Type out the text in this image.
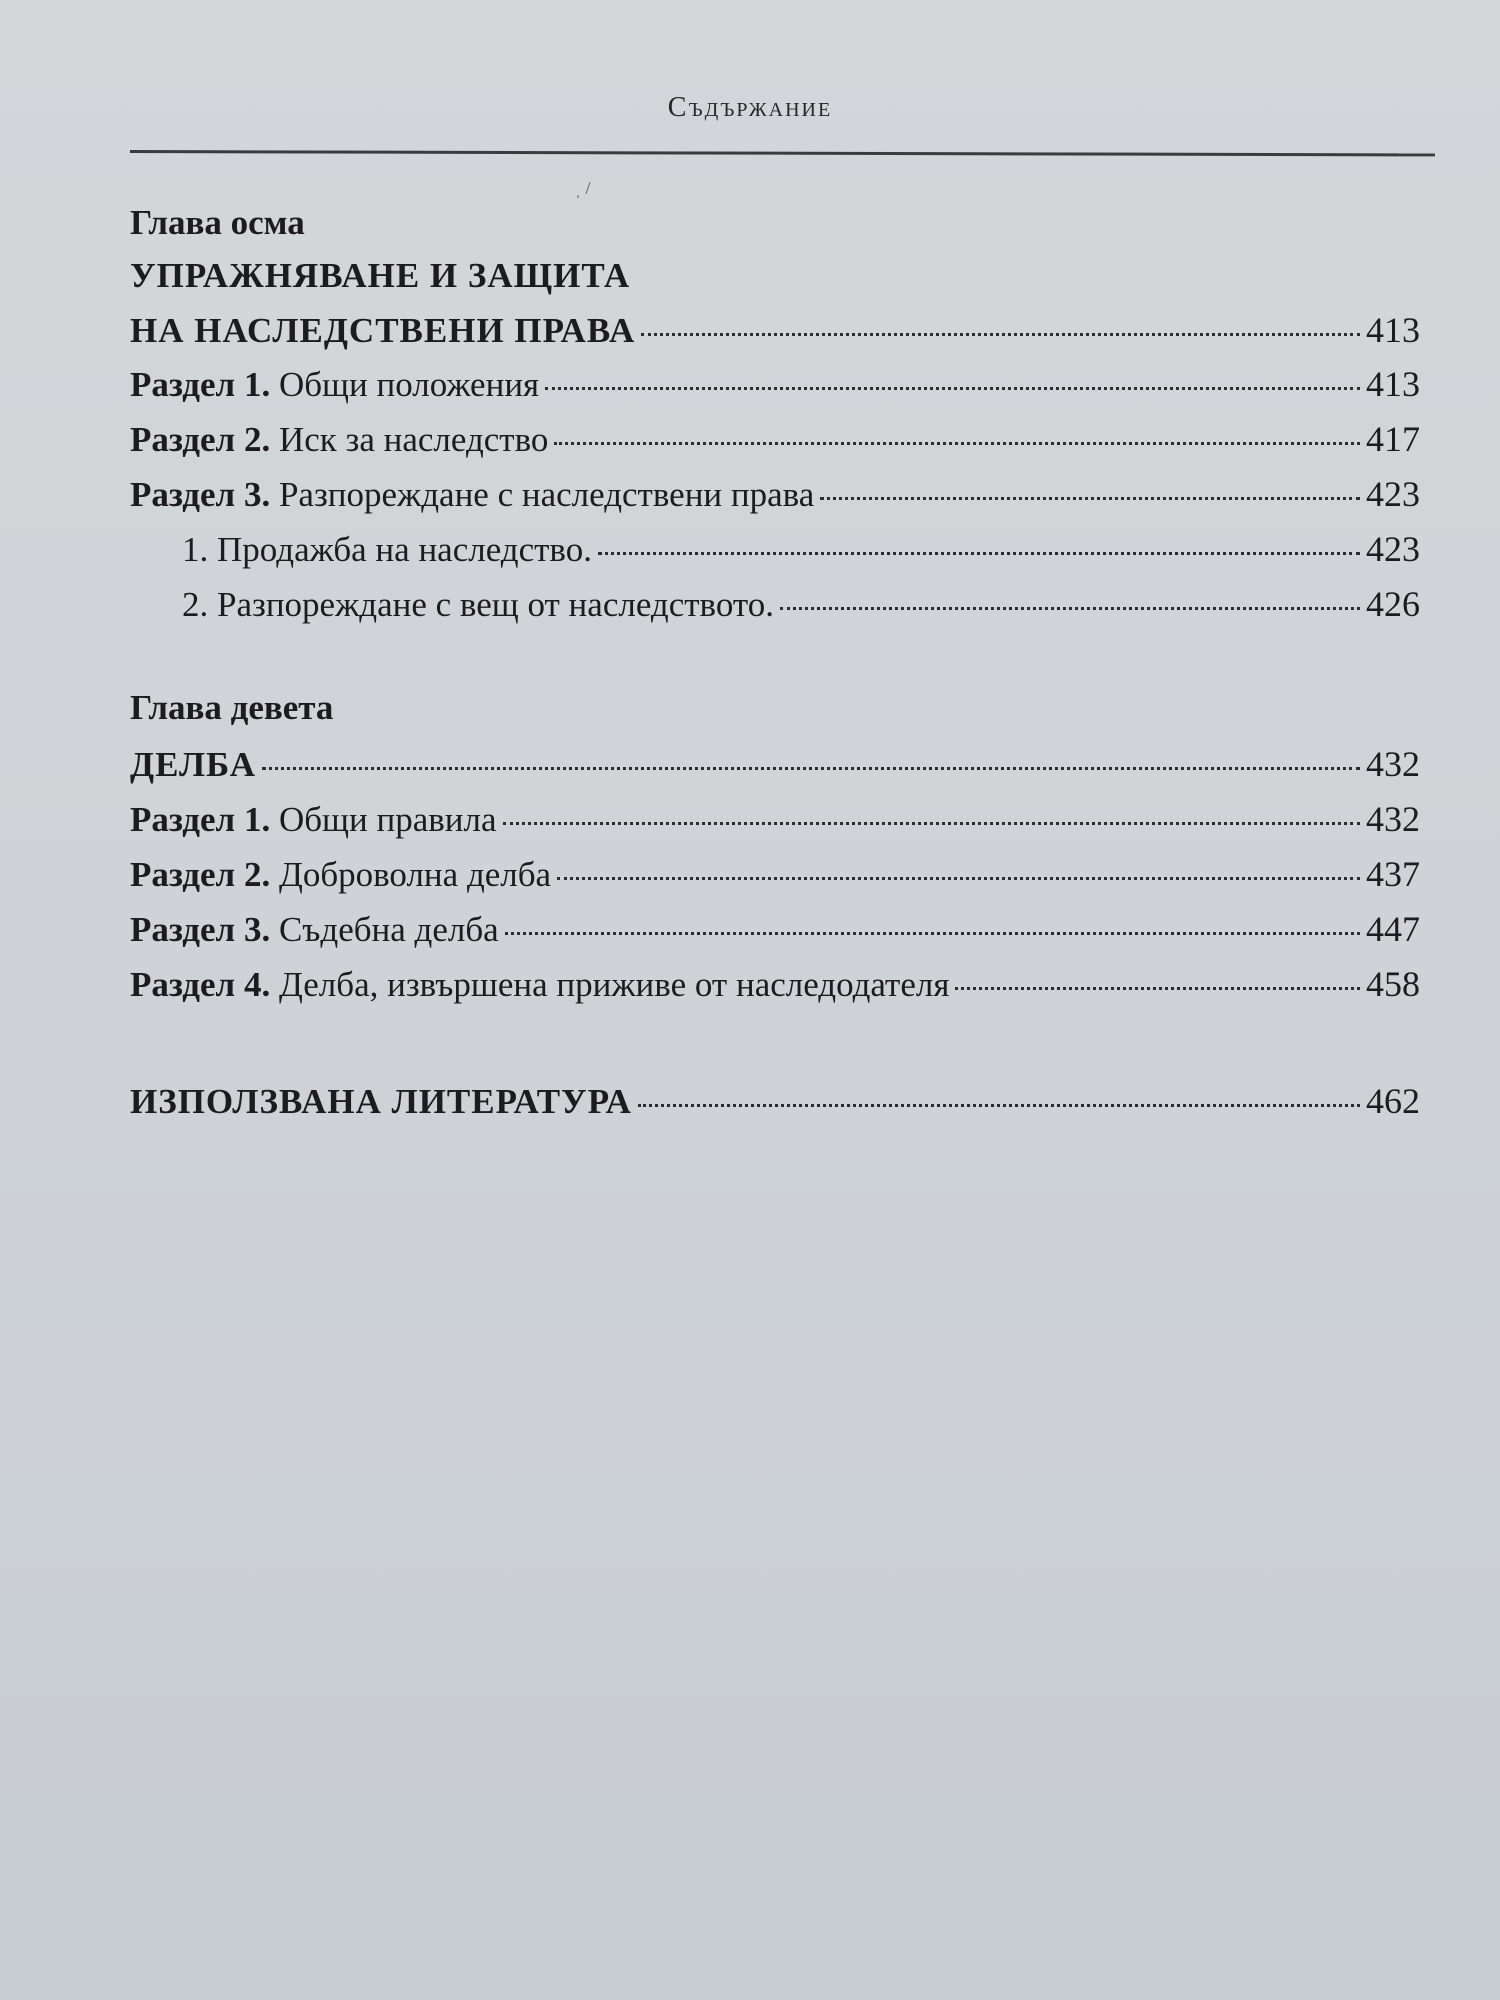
Съдържание
ˌ /
Глава осма
УПРАЖНЯВАНЕ И ЗАЩИТА
НА НАСЛЕДСТВЕНИ ПРАВА	413
Раздел 1. Общи положения	413
Раздел 2. Иск за наследство	417
Раздел 3. Разпореждане с наследствени права	423
1. Продажба на наследство.	423
2. Разпореждане с вещ от наследството.	426
Глава девета
ДЕЛБА	432
Раздел 1. Общи правила	432
Раздел 2. Доброволна делба	437
Раздел 3. Съдебна делба	447
Раздел 4. Делба, извършена приживе от наследодателя	458
ИЗПОЛЗВАНА ЛИТЕРАТУРА	462
